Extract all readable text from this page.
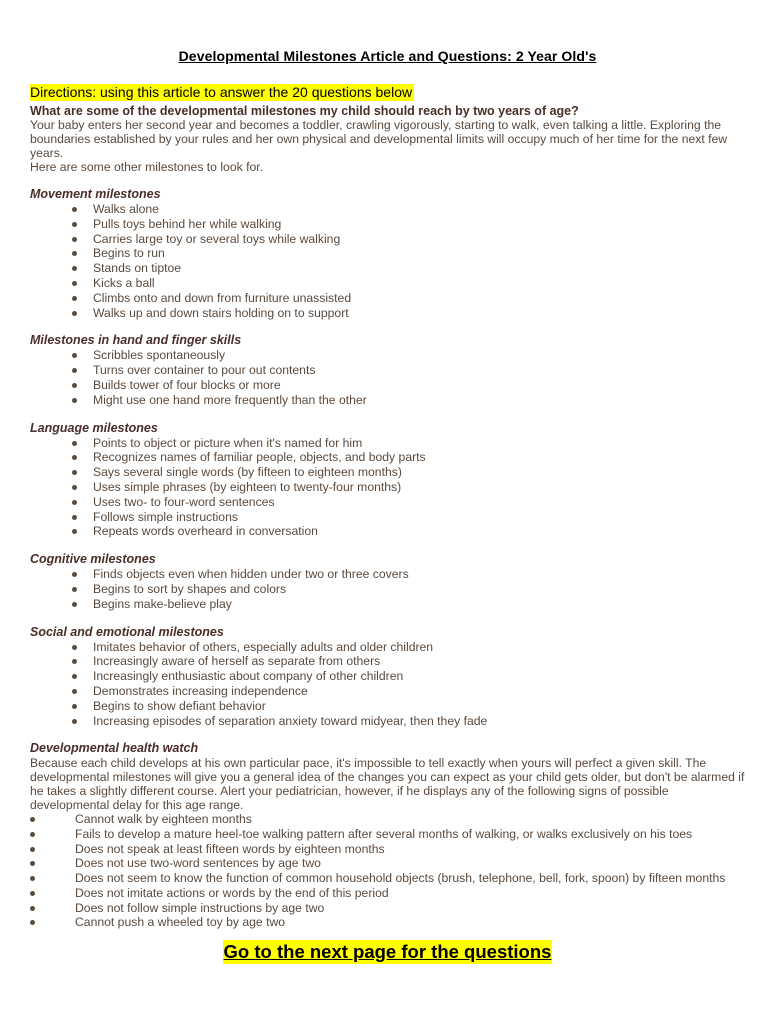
Developmental Milestones Article and Questions: 2 Year Old's
Directions: using this article to answer the 20 questions below

What are some of the developmental milestones my child should reach by two years of age?

Your baby enters her second year and becomes a toddler, crawling vigorously, starting to walk, even talking a little. Exploring the boundaries established by your rules and her own physical and developmental limits will occupy much of her time for the next few years.

Here are some other milestones to look for.

Movement milestones
Walks alone
Pulls toys behind her while walking
Carries large toy or several toys while walking
Begins to run
Stands on tiptoe
Kicks a ball
Climbs onto and down from furniture unassisted
Walks up and down stairs holding on to support
Milestones in hand and finger skills
Scribbles spontaneously
Turns over container to pour out contents
Builds tower of four blocks or more
Might use one hand more frequently than the other
Language milestones
Points to object or picture when it's named for him
Recognizes names of familiar people, objects, and body parts
Says several single words (by fifteen to eighteen months)
Uses simple phrases (by eighteen to twenty-four months)
Uses two- to four-word sentences
Follows simple instructions
Repeats words overheard in conversation
Cognitive milestones
Finds objects even when hidden under two or three covers
Begins to sort by shapes and colors
Begins make-believe play
Social and emotional milestones
Imitates behavior of others, especially adults and older children
Increasingly aware of herself as separate from others
Increasingly enthusiastic about company of other children
Demonstrates increasing independence
Begins to show defiant behavior
Increasing episodes of separation anxiety toward midyear, then they fade
Developmental health watch

Because each child develops at his own particular pace, it's impossible to tell exactly when yours will perfect a given skill. The developmental milestones will give you a general idea of the changes you can expect as your child gets older, but don't be alarmed if he takes a slightly different course. Alert your pediatrician, however, if he displays any of the following signs of possible developmental delay for this age range.

Cannot walk by eighteen months
Fails to develop a mature heel-toe walking pattern after several months of walking, or walks exclusively on his toes
Does not speak at least fifteen words by eighteen months
Does not use two-word sentences by age two
Does not seem to know the function of common household objects (brush, telephone, bell, fork, spoon) by fifteen months
Does not imitate actions or words by the end of this period
Does not follow simple instructions by age two
Cannot push a wheeled toy by age two
Go to the next page for the questions
